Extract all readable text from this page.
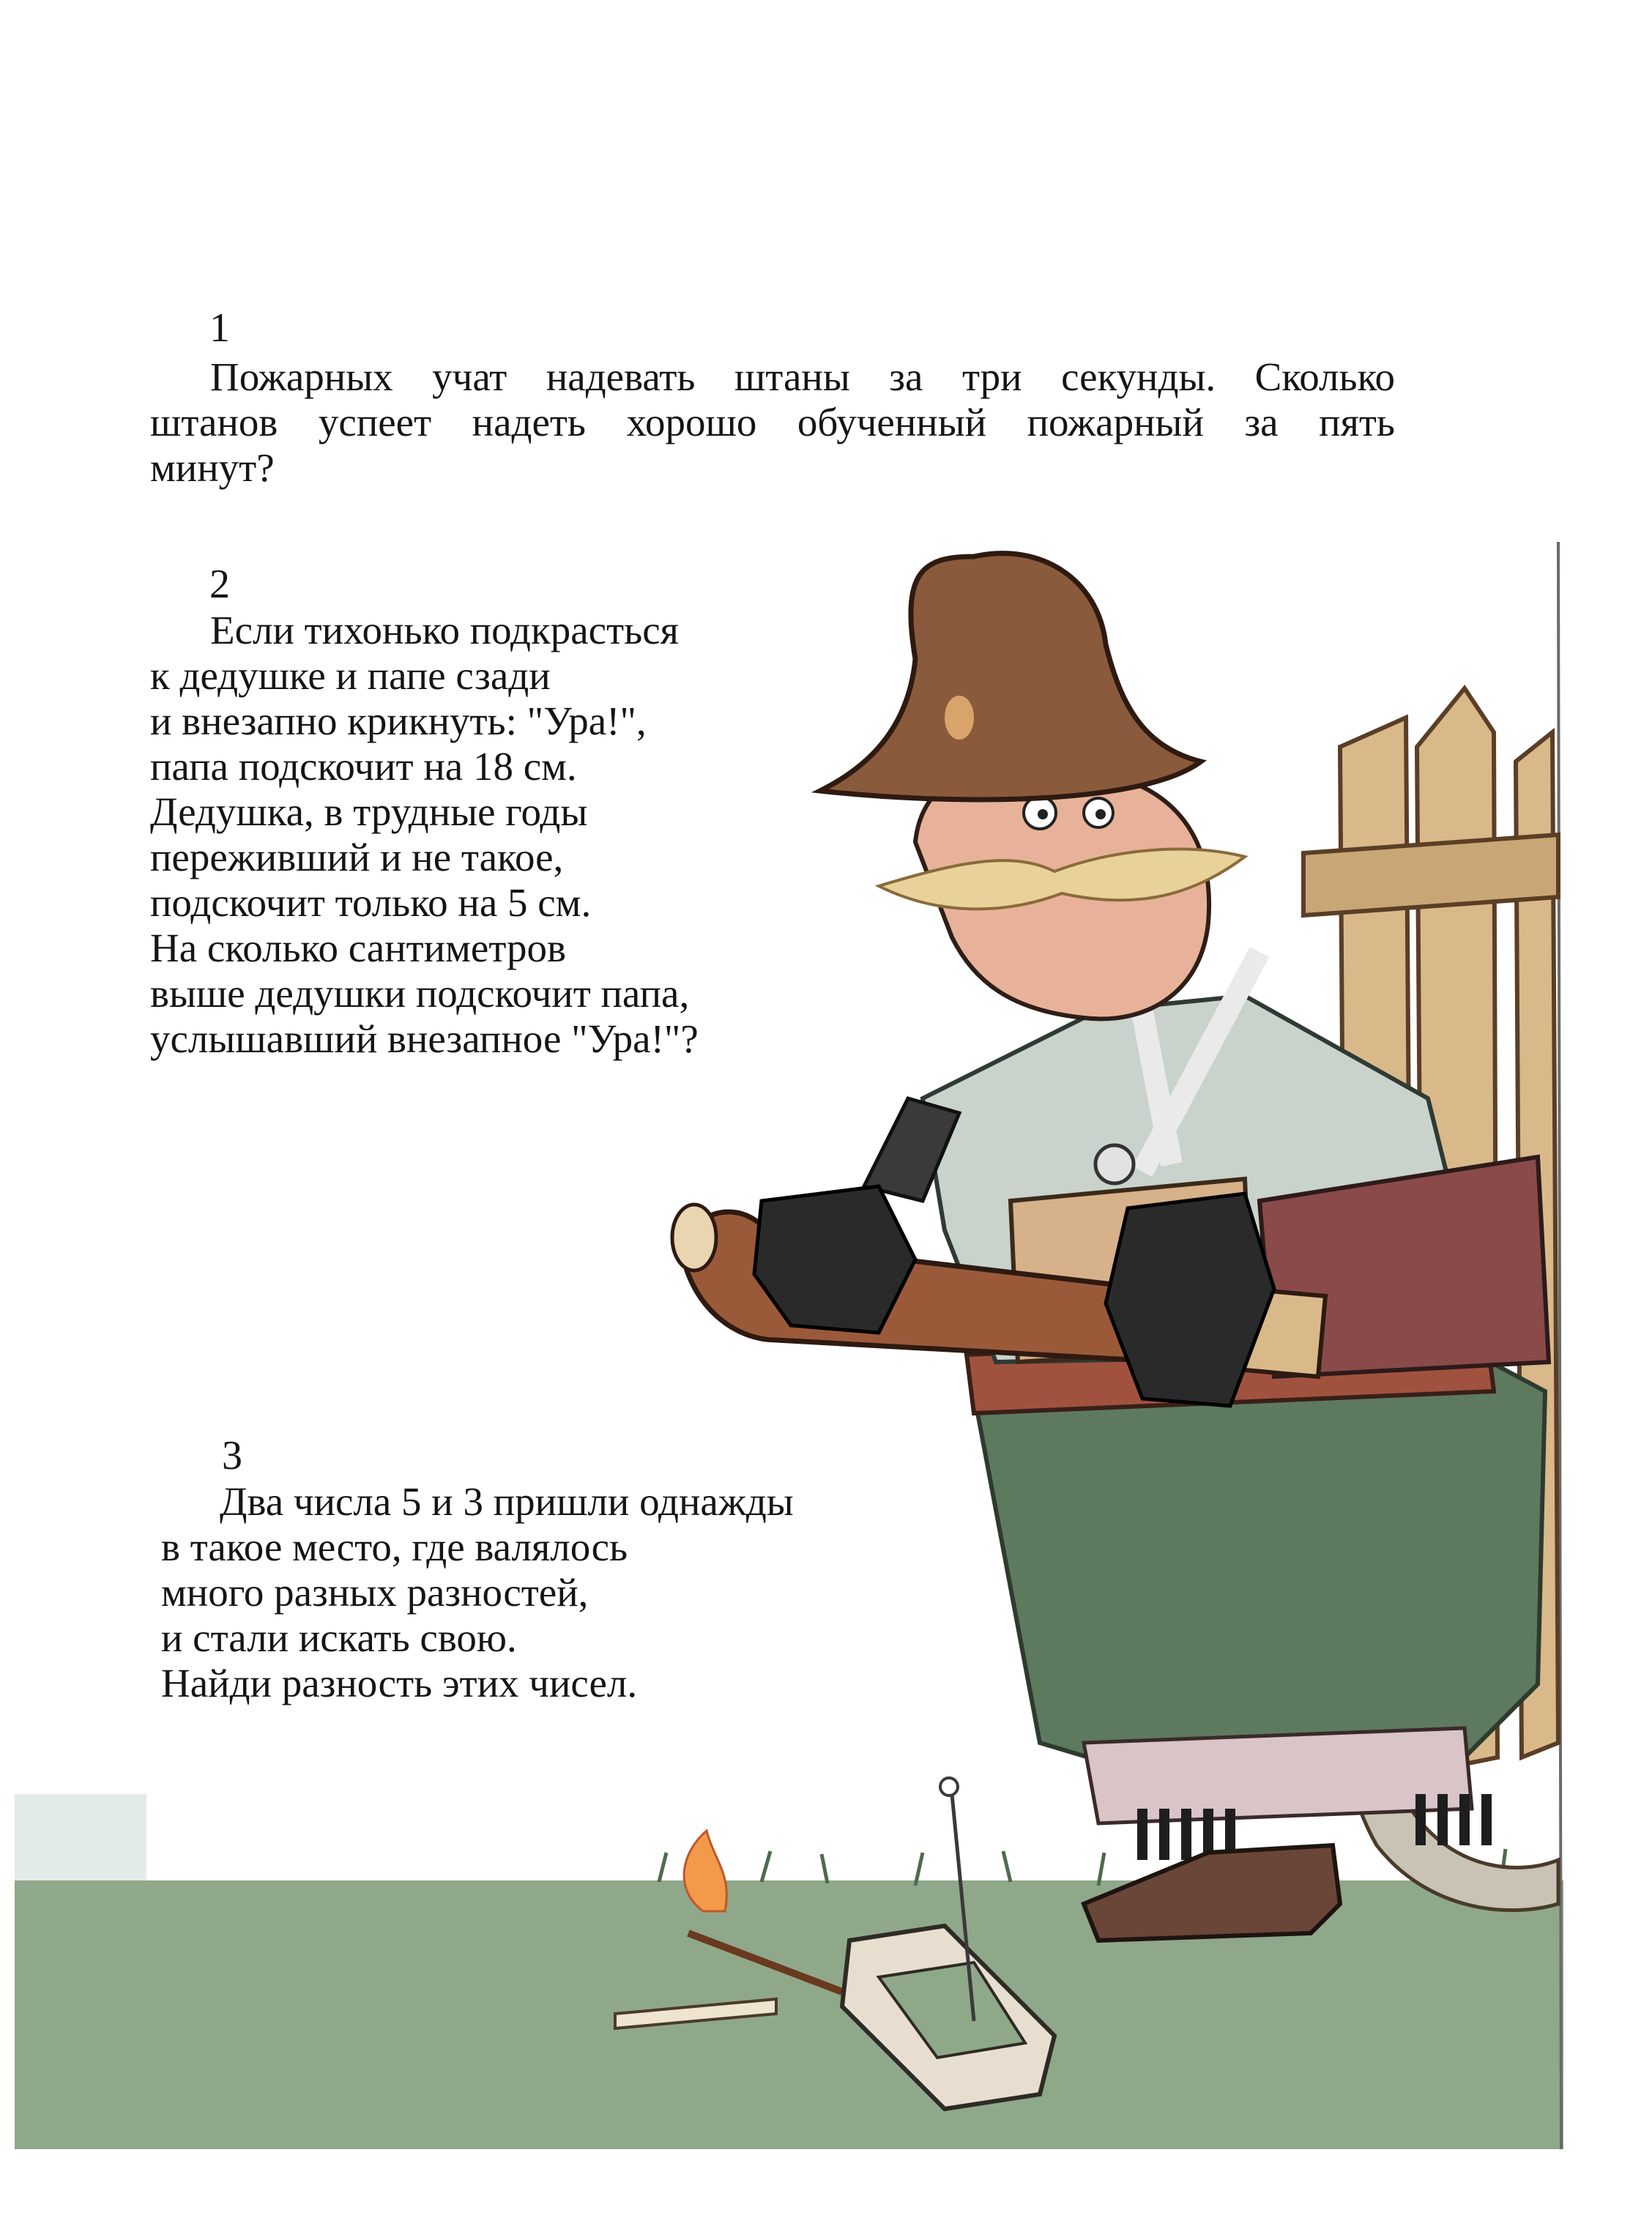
1
Пожарных учат надевать штаны за три секунды. Сколько
штанов успеет надеть хорошо обученный пожарный за пять
минут?
2
Если тихонько подкрасться
к дедушке и папе сзади
и внезапно крикнуть: "Ура!",
папа подскочит на 18 см.
Дедушка, в трудные годы
переживший и не такое,
подскочит только на 5 см.
На сколько сантиметров
выше дедушки подскочит папа,
услышавший внезапное "Ура!"?
3
Два числа 5 и 3 пришли однажды
в такое место, где валялось
много разных разностей,
и стали искать свою.
Найди разность этих чисел.
